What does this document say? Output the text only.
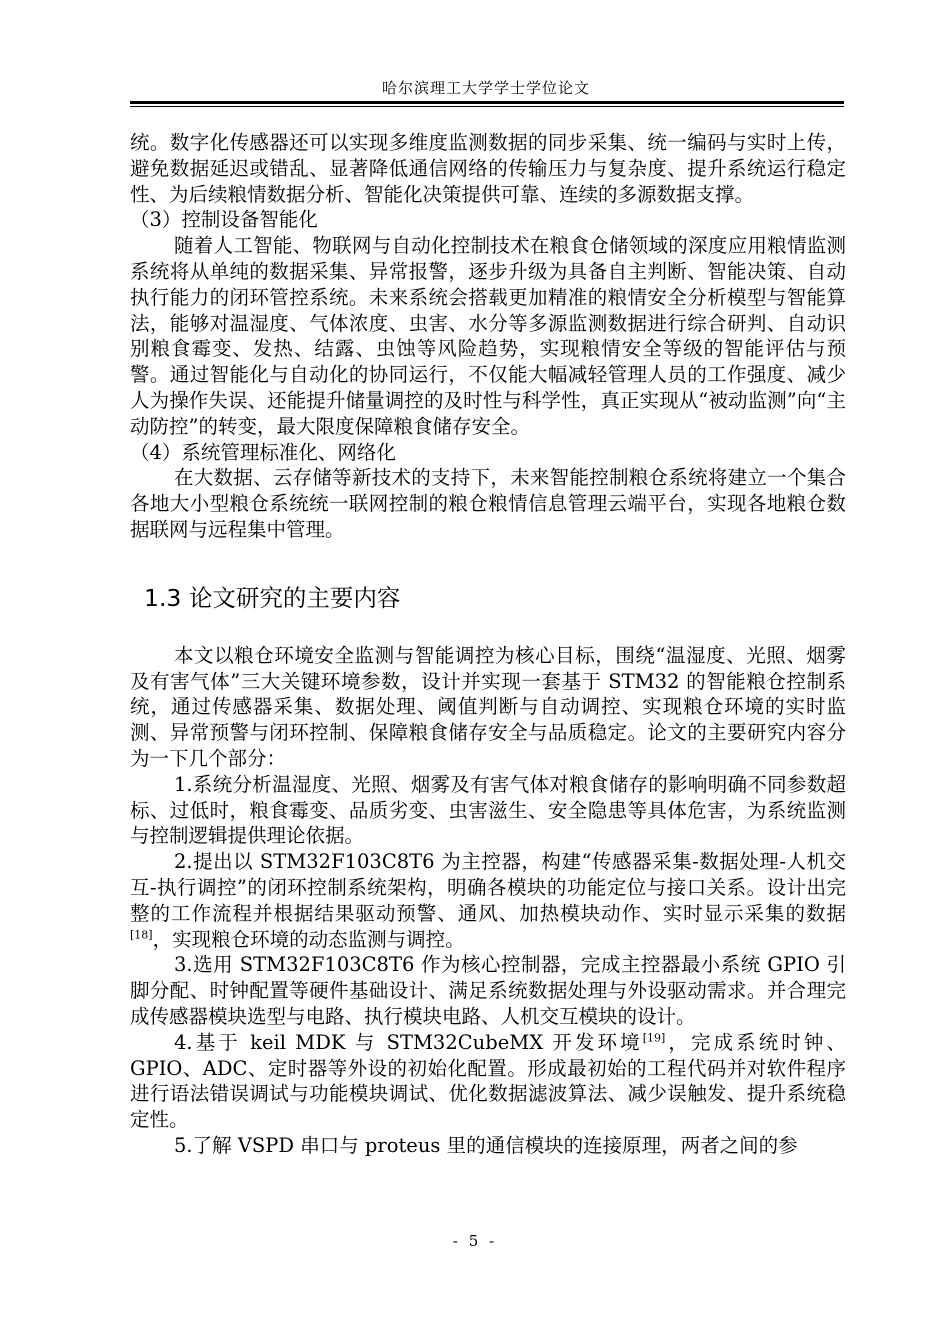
哈尔滨理工大学学士学位论文

统。数字化传感器还可以实现多维度监测数据的同步采集、统一编码与实时上传，避免数据延迟或错乱、显著降低通信网络的传输压力与复杂度、提升系统运行稳定性、为后续粮情数据分析、智能化决策提供可靠、连续的多源数据支撑。

（3）控制设备智能化

随着人工智能、物联网与自动化控制技术在粮食仓储领域的深度应用粮情监测系统将从单纯的数据采集、异常报警，逐步升级为具备自主判断、智能决策、自动执行能力的闭环管控系统。未来系统会搭载更加精准的粮情安全分析模型与智能算法，能够对温湿度、气体浓度、虫害、水分等多源监测数据进行综合研判、自动识别粮食霉变、发热、结露、虫蚀等风险趋势，实现粮情安全等级的智能评估与预警。通过智能化与自动化的协同运行，不仅能大幅减轻管理人员的工作强度、减少人为操作失误、还能提升储量调控的及时性与科学性，真正实现从“被动监测”向“主动防控”的转变，最大限度保障粮食储存安全。

（4）系统管理标准化、网络化

在大数据、云存储等新技术的支持下，未来智能控制粮仓系统将建立一个集合各地大小型粮仓系统统一联网控制的粮仓粮情信息管理云端平台，实现各地粮仓数据联网与远程集中管理。

1.3 论文研究的主要内容

本文以粮仓环境安全监测与智能调控为核心目标，围绕“温湿度、光照、烟雾及有害气体”三大关键环境参数，设计并实现一套基于 STM32 的智能粮仓控制系统，通过传感器采集、数据处理、阈值判断与自动调控、实现粮仓环境的实时监测、异常预警与闭环控制、保障粮食储存安全与品质稳定。论文的主要研究内容分为一下几个部分：

1.系统分析温湿度、光照、烟雾及有害气体对粮食储存的影响明确不同参数超标、过低时，粮食霉变、品质劣变、虫害滋生、安全隐患等具体危害，为系统监测与控制逻辑提供理论依据。

2.提出以 STM32F103C8T6 为主控器，构建“传感器采集-数据处理-人机交互-执行调控”的闭环控制系统架构，明确各模块的功能定位与接口关系。设计出完整的工作流程并根据结果驱动预警、通风、加热模块动作、实时显示采集的数据[18]，实现粮仓环境的动态监测与调控。

3.选用 STM32F103C8T6 作为核心控制器，完成主控器最小系统 GPIO 引脚分配、时钟配置等硬件基础设计、满足系统数据处理与外设驱动需求。并合理完成传感器模块选型与电路、执行模块电路、人机交互模块的设计。

4.基于 keil MDK 与 STM32CubeMX 开发环境[19]，完成系统时钟、GPIO、ADC、定时器等外设的初始化配置。形成最初始的工程代码并对软件程序进行语法错误调试与功能模块调试、优化数据滤波算法、减少误触发、提升系统稳定性。

5.了解 VSPD 串口与 proteus 里的通信模块的连接原理，两者之间的参

- 5 -
